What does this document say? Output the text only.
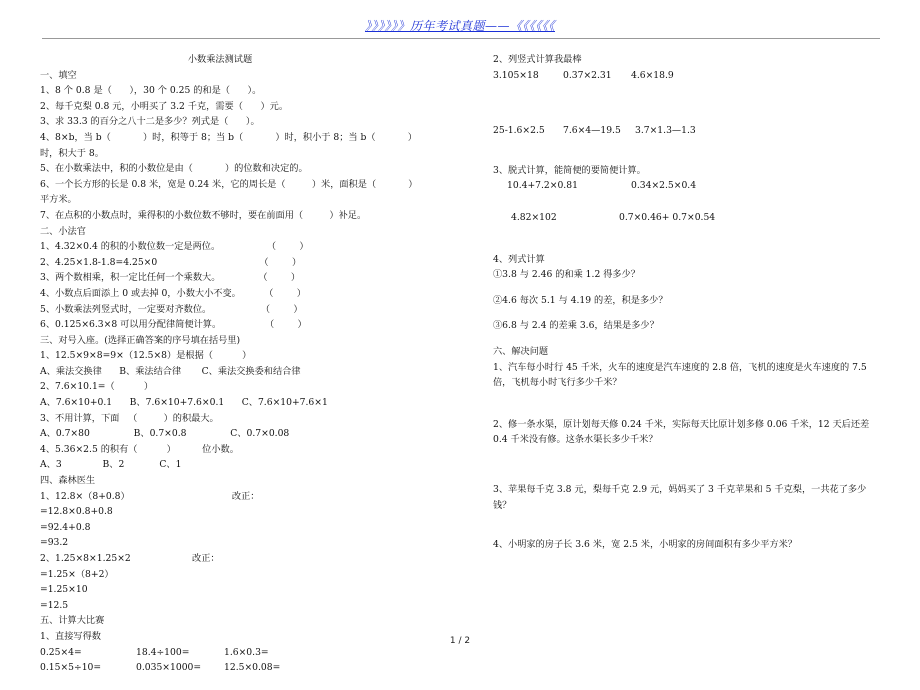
》》》》》》历年考试真题——《《《《《《
小数乘法测试题
一、填空
1、8 个 0.8 是（      ），30 个 0.25 的和是（      ）。
2、每千克梨 0.8 元，小明买了 3.2 千克，需要（      ）元。
3、求 33.3 的百分之八十二是多少？列式是（      ）。
4、8×b，当 b（           ）时，积等于 8；当 b（           ）时，积小于 8；当 b（           ）
时，积大于 8。
5、在小数乘法中，积的小数位是由（           ）的位数和决定的。
6、一个长方形的长是 0.8 米，宽是 0.24 米，它的周长是（         ）米，面积是（           ）
平方米。
7、在点积的小数点时，乘得积的小数位数不够时，要在前面用（         ）补足。
二、小法官
1、4.32×0.4 的积的小数位数一定是两位。                （        ）
2、4.25×1.8-1.8=4.25×0                                   （        ）
3、两个数相乘，积一定比任何一个乘数大。             （        ）
4、小数点后面添上 0 或去掉 0，小数大小不变。        （        ）
5、小数乘法列竖式时，一定要对齐数位。                 （        ）
6、0.125×6.3×8 可以用分配律简便计算。               （        ）
三、对号入座。(选择正确答案的序号填在括号里)
1、12.5×9×8=9×（12.5×8）是根据（          ）
A、乘法交换律      B、乘法结合律       C、乘法交换委和结合律
2、7.6×10.1=（          ）
A、7.6×10+0.1      B、7.6×10+7.6×0.1      C、7.6×10+7.6×1
3、不用计算，下面   （         ）的积最大。
A、0.7×80               B、0.7×0.8               C、0.7×0.08
4、5.36×2.5 的积有（          ）         位小数。
A、3              B、2            C、1
四、森林医生
1、12.8×（8+0.8）                                   改正：
=12.8×0.8+0.8
=92.4+0.8
=93.2
2、1.25×8×1.25×2                     改正：
=1.25×（8+2）
=1.25×10
=12.5
五、计算大比赛
1、直接写得数
0.25×4=	18.4÷100=	1.6×0.3=
0.15×5÷10=	0.035×1000=	12.5×0.08=
2、列竖式计算我最棒
3.105×18	0.37×2.31	4.6×18.9
25-1.6×2.5	7.6×4—19.5	3.7×1.3—1.3
3、脱式计算，能简便的要简便计算。
10.4+7.2×0.81	0.34×2.5×0.4
4.82×102	0.7×0.46+ 0.7×0.54
4、列式计算
①3.8 与 2.46 的和乘 1.2 得多少？
②4.6 每次 5.1 与 4.19 的差，积是多少？
③6.8 与 2.4 的差乘 3.6，结果是多少？
六、解决问题
1、汽车每小时行 45 千米，火车的速度是汽车速度的 2.8 倍，飞机的速度是火车速度的 7.5 倍，飞机每小时飞行多少千米？
2、修一条水渠，原计划每天修 0.24 千米，实际每天比原计划多修 0.06 千米，12 天后还差 0.4 千米没有修。这条水渠长多少千米？
3、苹果每千克 3.8 元，梨每千克 2.9 元，妈妈买了 3 千克苹果和 5 千克梨，一共花了多少钱？
4、小明家的房子长 3.6 米，宽 2.5 米，小明家的房间面积有多少平方米？
1 / 2
